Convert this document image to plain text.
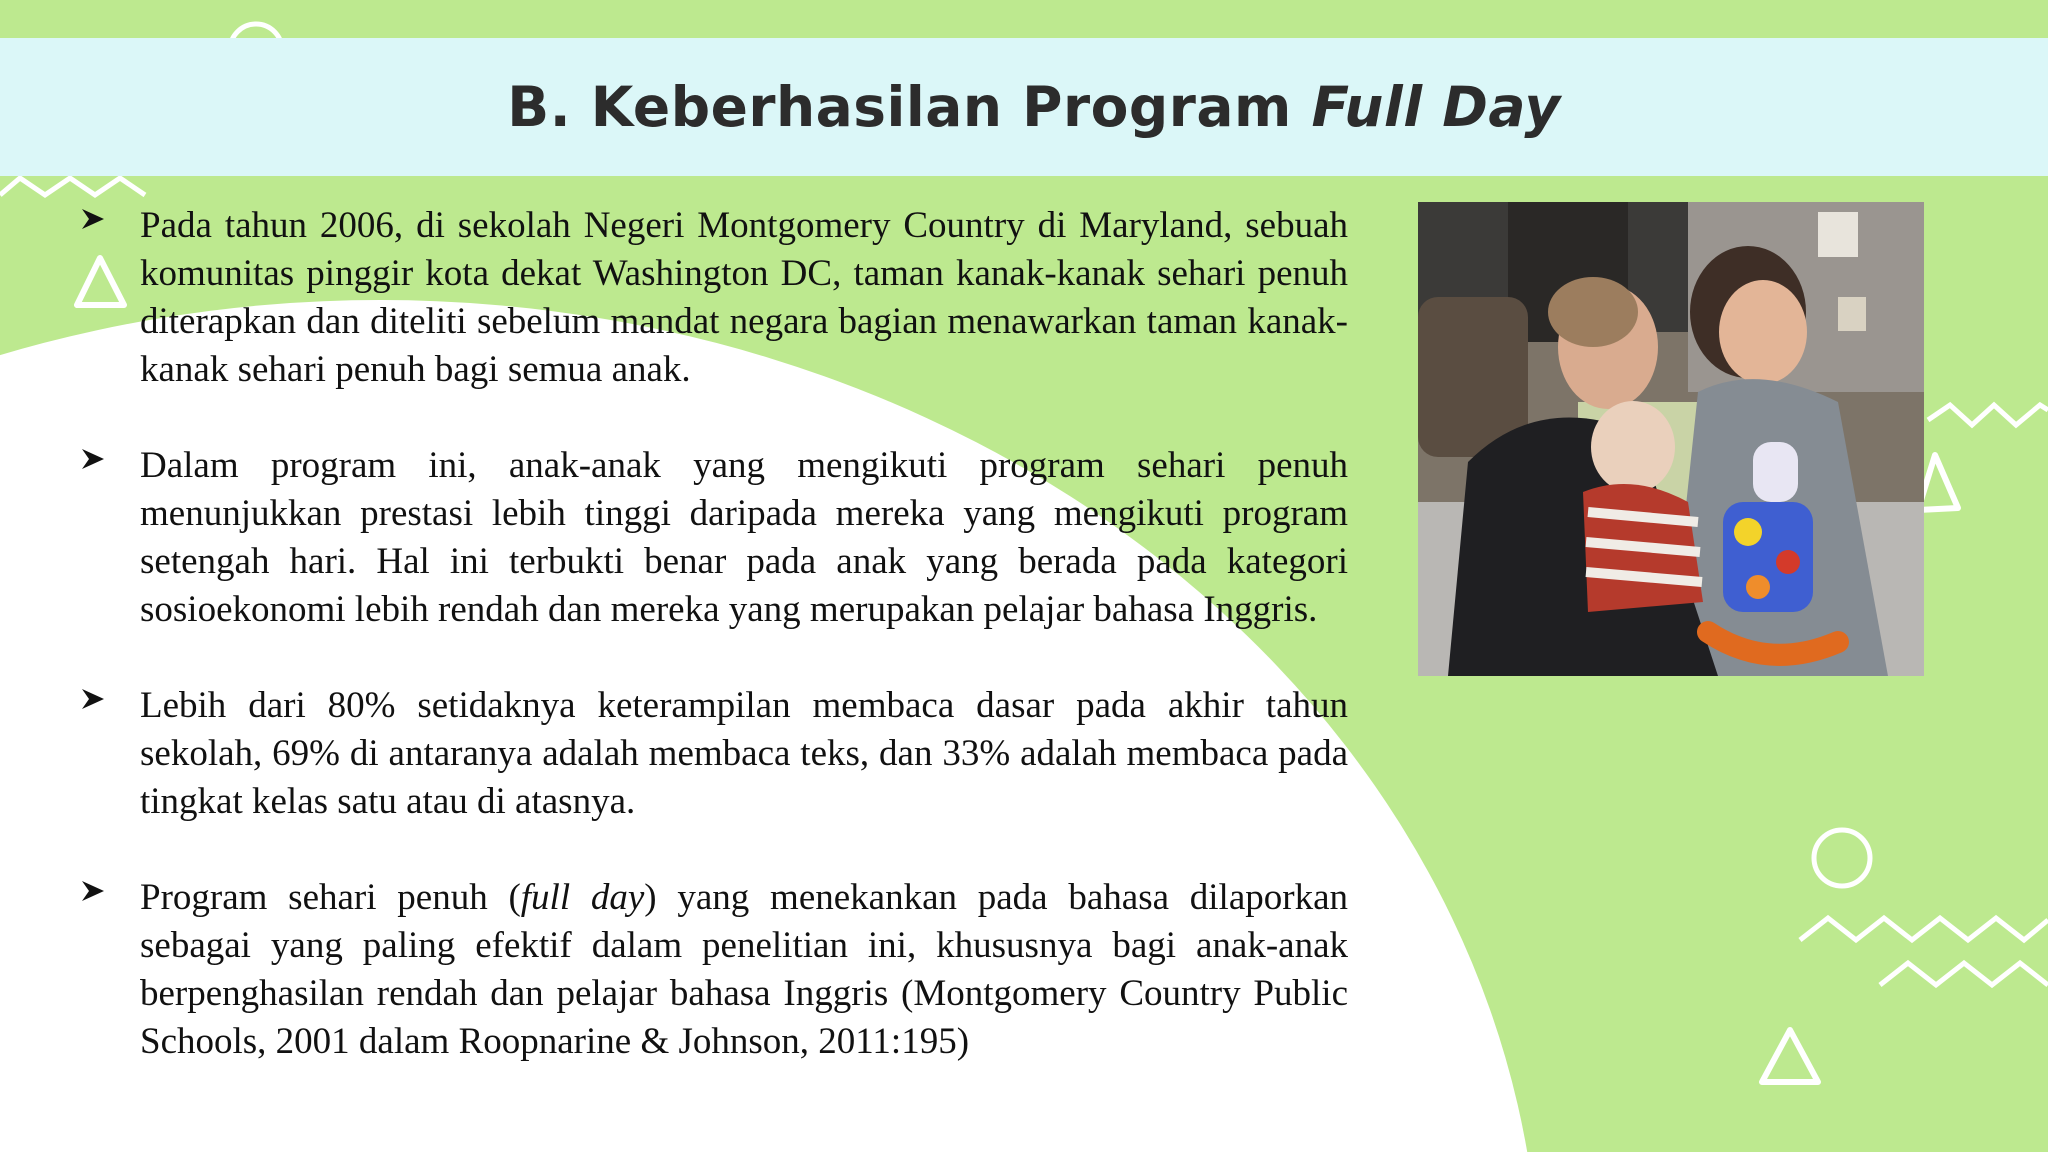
B. Keberhasilan Program Full Day
Pada tahun 2006, di sekolah Negeri Montgomery Country di Maryland, sebuah komunitas pinggir kota dekat Washington DC, taman kanak-kanak sehari penuh diterapkan dan diteliti sebelum mandat negara bagian menawarkan taman kanak-kanak sehari penuh bagi semua anak.
Dalam program ini, anak-anak yang mengikuti program sehari penuh menunjukkan prestasi lebih tinggi daripada mereka yang mengikuti program setengah hari. Hal ini terbukti benar pada anak yang berada pada kategori sosioekonomi lebih rendah dan mereka yang merupakan pelajar bahasa Inggris.
Lebih dari 80% setidaknya keterampilan membaca dasar pada akhir tahun sekolah, 69% di antaranya adalah membaca teks, dan 33% adalah membaca pada tingkat kelas satu atau di atasnya.
Program sehari penuh (full day) yang menekankan pada bahasa dilaporkan sebagai yang paling efektif dalam penelitian ini, khususnya bagi anak-anak berpenghasilan rendah dan pelajar bahasa Inggris (Montgomery Country Public Schools, 2001 dalam Roopnarine & Johnson, 2011:195)
